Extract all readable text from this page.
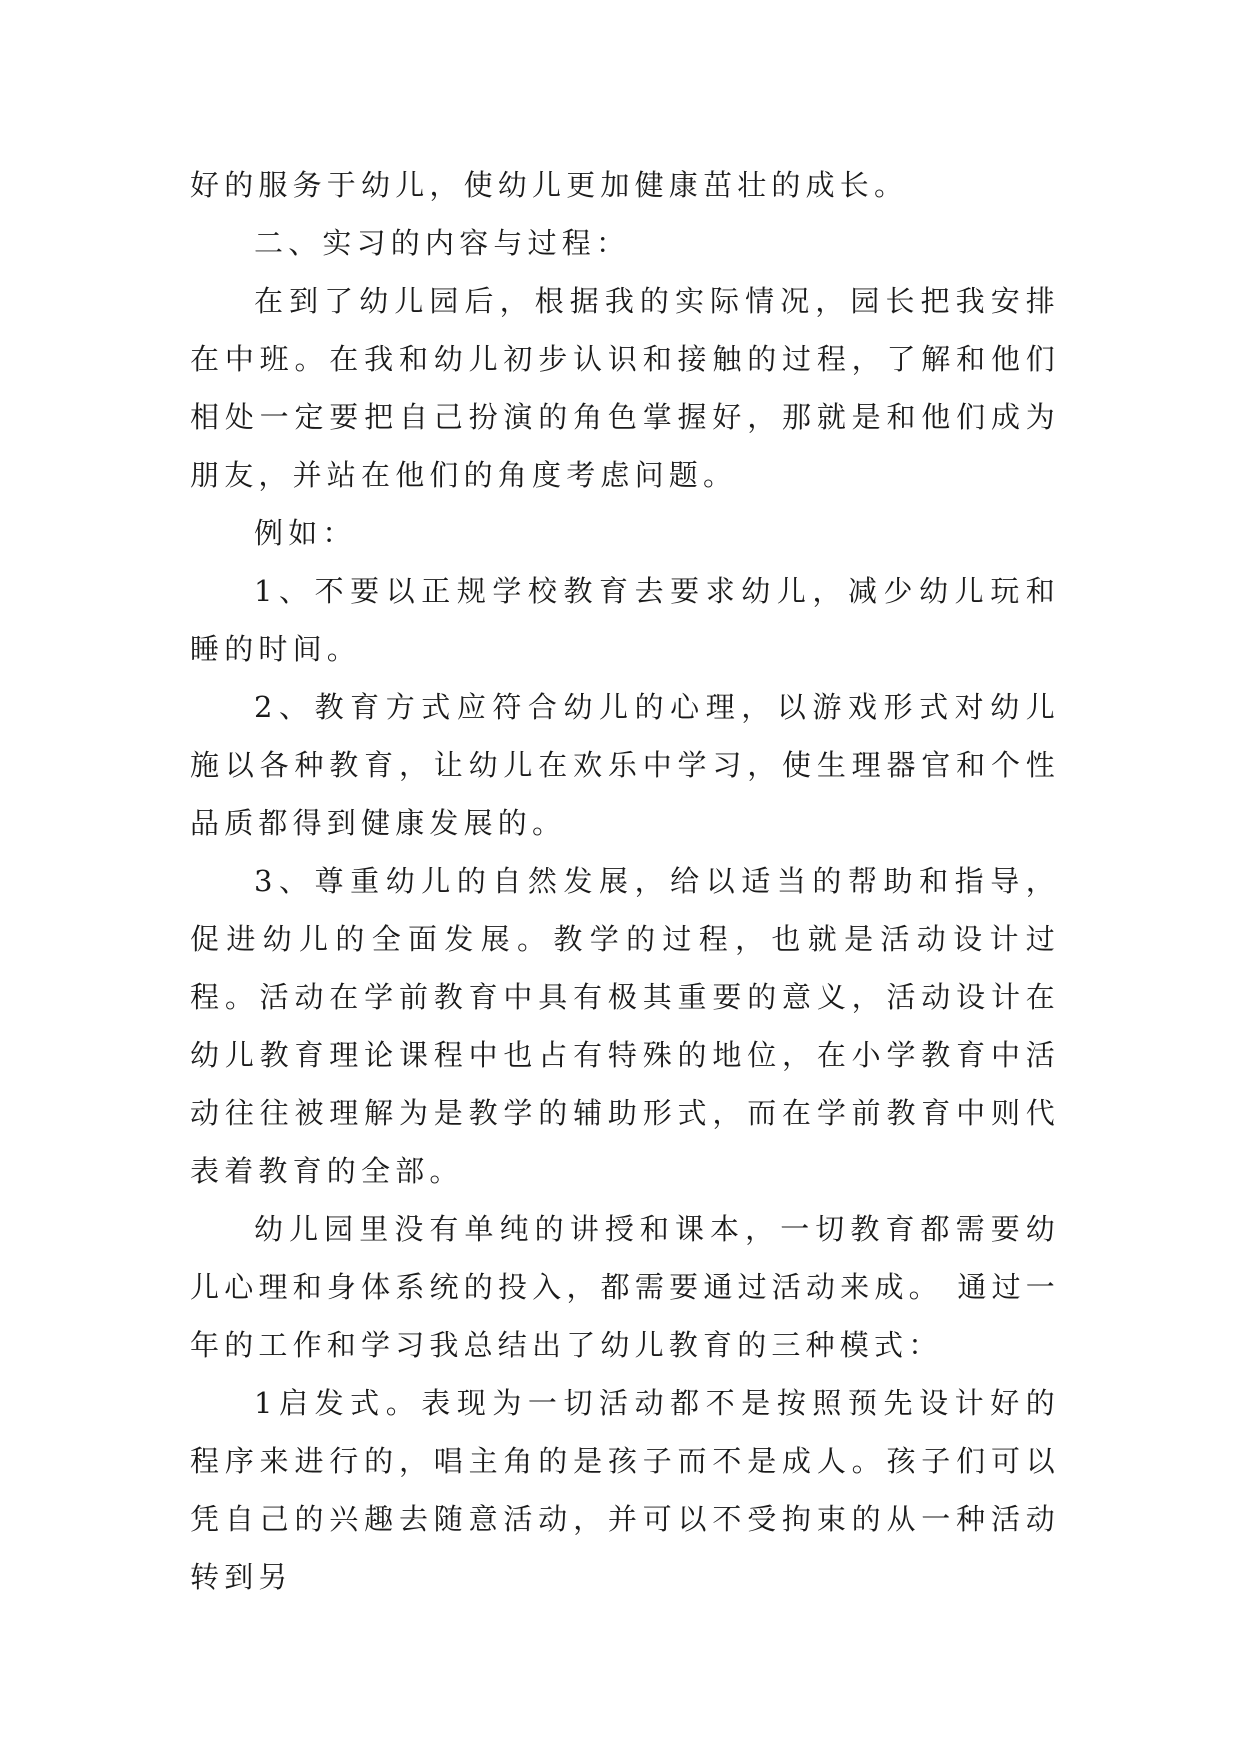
好的服务于幼儿，使幼儿更加健康茁壮的成长。

二、实习的内容与过程：

在到了幼儿园后，根据我的实际情况，园长把我安排在中班。在我和幼儿初步认识和接触的过程，了解和他们相处一定要把自己扮演的角色掌握好，那就是和他们成为朋友，并站在他们的角度考虑问题。

例如：

1、不要以正规学校教育去要求幼儿，减少幼儿玩和睡的时间。

2、教育方式应符合幼儿的心理，以游戏形式对幼儿施以各种教育，让幼儿在欢乐中学习，使生理器官和个性品质都得到健康发展的。

3、尊重幼儿的自然发展，给以适当的帮助和指导，促进幼儿的全面发展。教学的过程，也就是活动设计过程。活动在学前教育中具有极其重要的意义，活动设计在幼儿教育理论课程中也占有特殊的地位，在小学教育中活动往往被理解为是教学的辅助形式，而在学前教育中则代表着教育的全部。

幼儿园里没有单纯的讲授和课本，一切教育都需要幼儿心理和身体系统的投入，都需要通过活动来成。 通过一年的工作和学习我总结出了幼儿教育的三种模式：

1启发式。表现为一切活动都不是按照预先设计好的程序来进行的，唱主角的是孩子而不是成人。孩子们可以凭自己的兴趣去随意活动，并可以不受拘束的从一种活动转到另
